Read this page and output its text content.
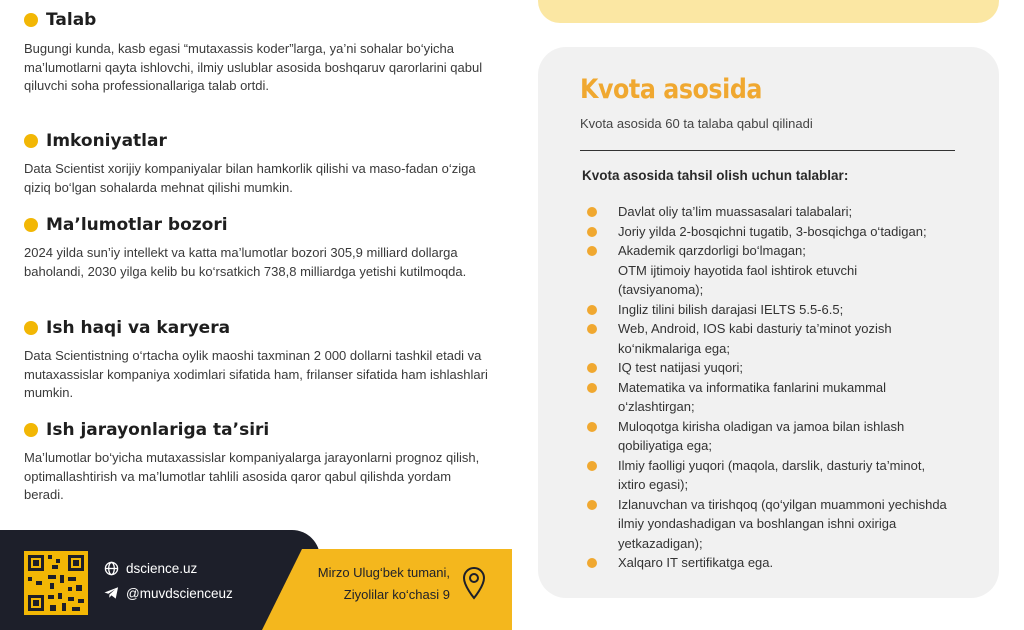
Talab

Bugungi kunda, kasb egasi “mutaxassis koder”larga, ya’ni sohalar bo‘yicha ma’lumotlarni qayta ishlovchi, ilmiy uslublar asosida boshqaruv qarorlarini qabul qiluvchi soha professionallariga talab ortdi.

Imkoniyatlar

Data Scientist xorijiy kompaniyalar bilan hamkorlik qilishi va maso-fadan o‘ziga qiziq bo‘lgan sohalarda mehnat qilishi mumkin.

Ma’lumotlar bozori

2024 yilda sun’iy intellekt va katta ma’lumotlar bozori 305,9 milliard dollarga baholandi, 2030 yilga kelib bu ko‘rsatkich 738,8 milliardga yetishi kutilmoqda.

Ish haqi va karyera

Data Scientistning o‘rtacha oylik maoshi taxminan 2 000 dollarni tashkil etadi va mutaxassislar kompaniya xodimlari sifatida ham, frilanser sifatida ham ishlashlari mumkin.

Ish jarayonlariga ta’siri

Ma’lumotlar bo‘yicha mutaxassislar kompaniyalarga jarayonlarni prognoz qilish, optimallashtirish va ma’lumotlar tahlili asosida qaror qabul qilishda yordam beradi.

dscience.uz
@muvdscienceuz
Mirzo Ulug‘bek tumani,
Ziyolilar ko‘chasi 9
Kvota asosida
Kvota asosida 60 ta talaba qabul qilinadi
Kvota asosida tahsil olish uchun talablar:
Davlat oliy ta’lim muassasalari talabalari;
Joriy yilda 2-bosqichni tugatib, 3-bosqichga o‘tadigan;
Akademik qarzdorligi bo‘lmagan;
OTM ijtimoiy hayotida faol ishtirok etuvchi (tavsiyanoma);
Ingliz tilini bilish darajasi IELTS 5.5-6.5;
Web, Android, IOS kabi dasturiy ta’minot yozish ko‘nikmalariga ega;
IQ test natijasi yuqori;
Matematika va informatika fanlarini mukammal o‘zlashtirgan;
Muloqotga kirisha oladigan va jamoa bilan ishlash qobiliyatiga ega;
Ilmiy faolligi yuqori (maqola, darslik, dasturiy ta’minot, ixtiro egasi);
Izlanuvchan va tirishqoq (qo‘yilgan muammoni yechishda ilmiy yondashadigan va boshlangan ishni oxiriga yetkazadigan);
Xalqaro IT sertifikatga ega.
